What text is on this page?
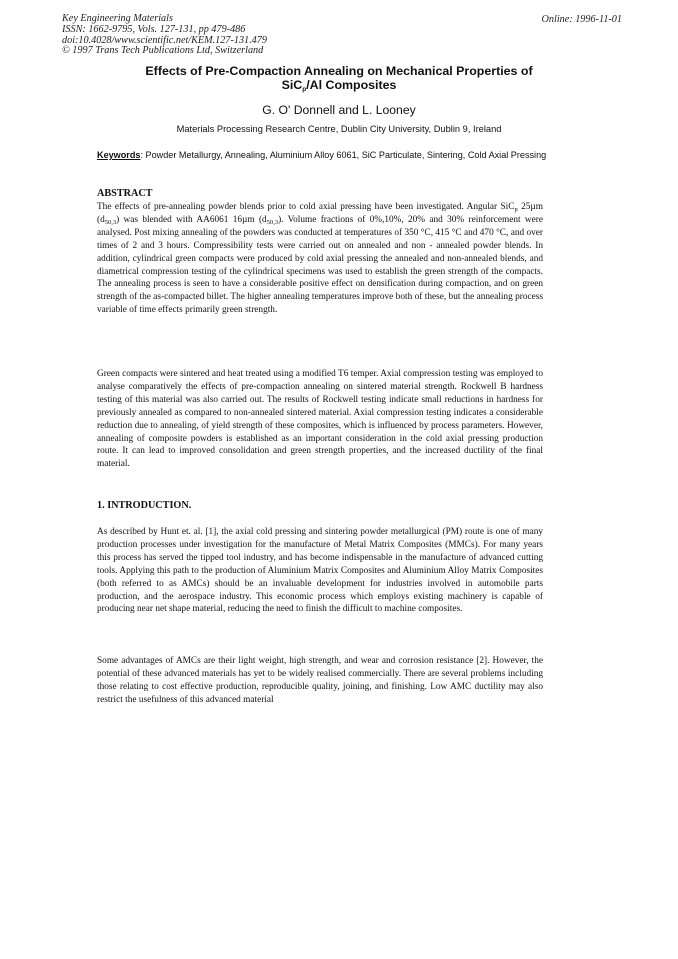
Key Engineering Materials
ISSN: 1662-9795, Vols. 127-131, pp 479-486
doi:10.4028/www.scientific.net/KEM.127-131.479
© 1997 Trans Tech Publications Ltd, Switzerland
Online: 1996-11-01
Effects of Pre-Compaction Annealing on Mechanical Properties of
SiC$_p$/Al Composites
G. O' Donnell and L. Looney
Materials Processing Research Centre, Dublin City University, Dublin 9, Ireland
Keywords: Powder Metallurgy, Annealing, Aluminium Alloy 6061, SiC Particulate, Sintering, Cold Axial Pressing
ABSTRACT
The effects of pre-annealing powder blends prior to cold axial pressing have been investigated. Angular SiC$_p$ 25µm $(d_{50,3})$ was blended with AA6061 16µm $(d_{50,3})$. Volume fractions of 0%,10%, 20% and 30% reinforcement were analysed. Post mixing annealing of the powders was conducted at temperatures of 350 °C, 415 °C and 470 °C, and over times of 2 and 3 hours. Compressibility tests were carried out on annealed and non - annealed powder blends. In addition, cylindrical green compacts were produced by cold axial pressing the annealed and non-annealed blends, and diametrical compression testing of the cylindrical specimens was used to establish the green strength of the compacts. The annealing process is seen to have a considerable positive effect on densification during compaction, and on green strength of the as-compacted billet. The higher annealing temperatures improve both of these, but the annealing process variable of time effects primarily green strength.
Green compacts were sintered and heat treated using a modified T6 temper. Axial compression testing was employed to analyse comparatively the effects of pre-compaction annealing on sintered material strength. Rockwell B hardness testing of this material was also carried out. The results of Rockwell testing indicate small reductions in hardness for previously annealed as compared to non-annealed sintered material. Axial compression testing indicates a considerable reduction due to annealing, of yield strength of these composites, which is influenced by process parameters. However, annealing of composite powders is established as an important consideration in the cold axial pressing production route. It can lead to improved consolidation and green strength properties, and the increased ductility of the final material.
1. INTRODUCTION.
As described by Hunt et. al. [1], the axial cold pressing and sintering powder metallurgical (PM) route is one of many production processes under investigation for the manufacture of Metal Matrix Composites (MMCs). For many years this process has served the tipped tool industry, and has become indispensable in the manufacture of advanced cutting tools. Applying this path to the production of Aluminium Matrix Composites and Aluminium Alloy Matrix Composites (both referred to as AMCs) should be an invaluable development for industries involved in automobile parts production, and the aerospace industry. This economic process which employs existing machinery is capable of producing near net shape material, reducing the need to finish the difficult to machine composites.
Some advantages of AMCs are their light weight, high strength, and wear and corrosion resistance [2]. However, the potential of these advanced materials has yet to be widely realised commercially. There are several problems including those relating to cost effective production, reproducible quality, joining, and finishing. Low AMC ductility may also restrict the usefulness of this advanced material
